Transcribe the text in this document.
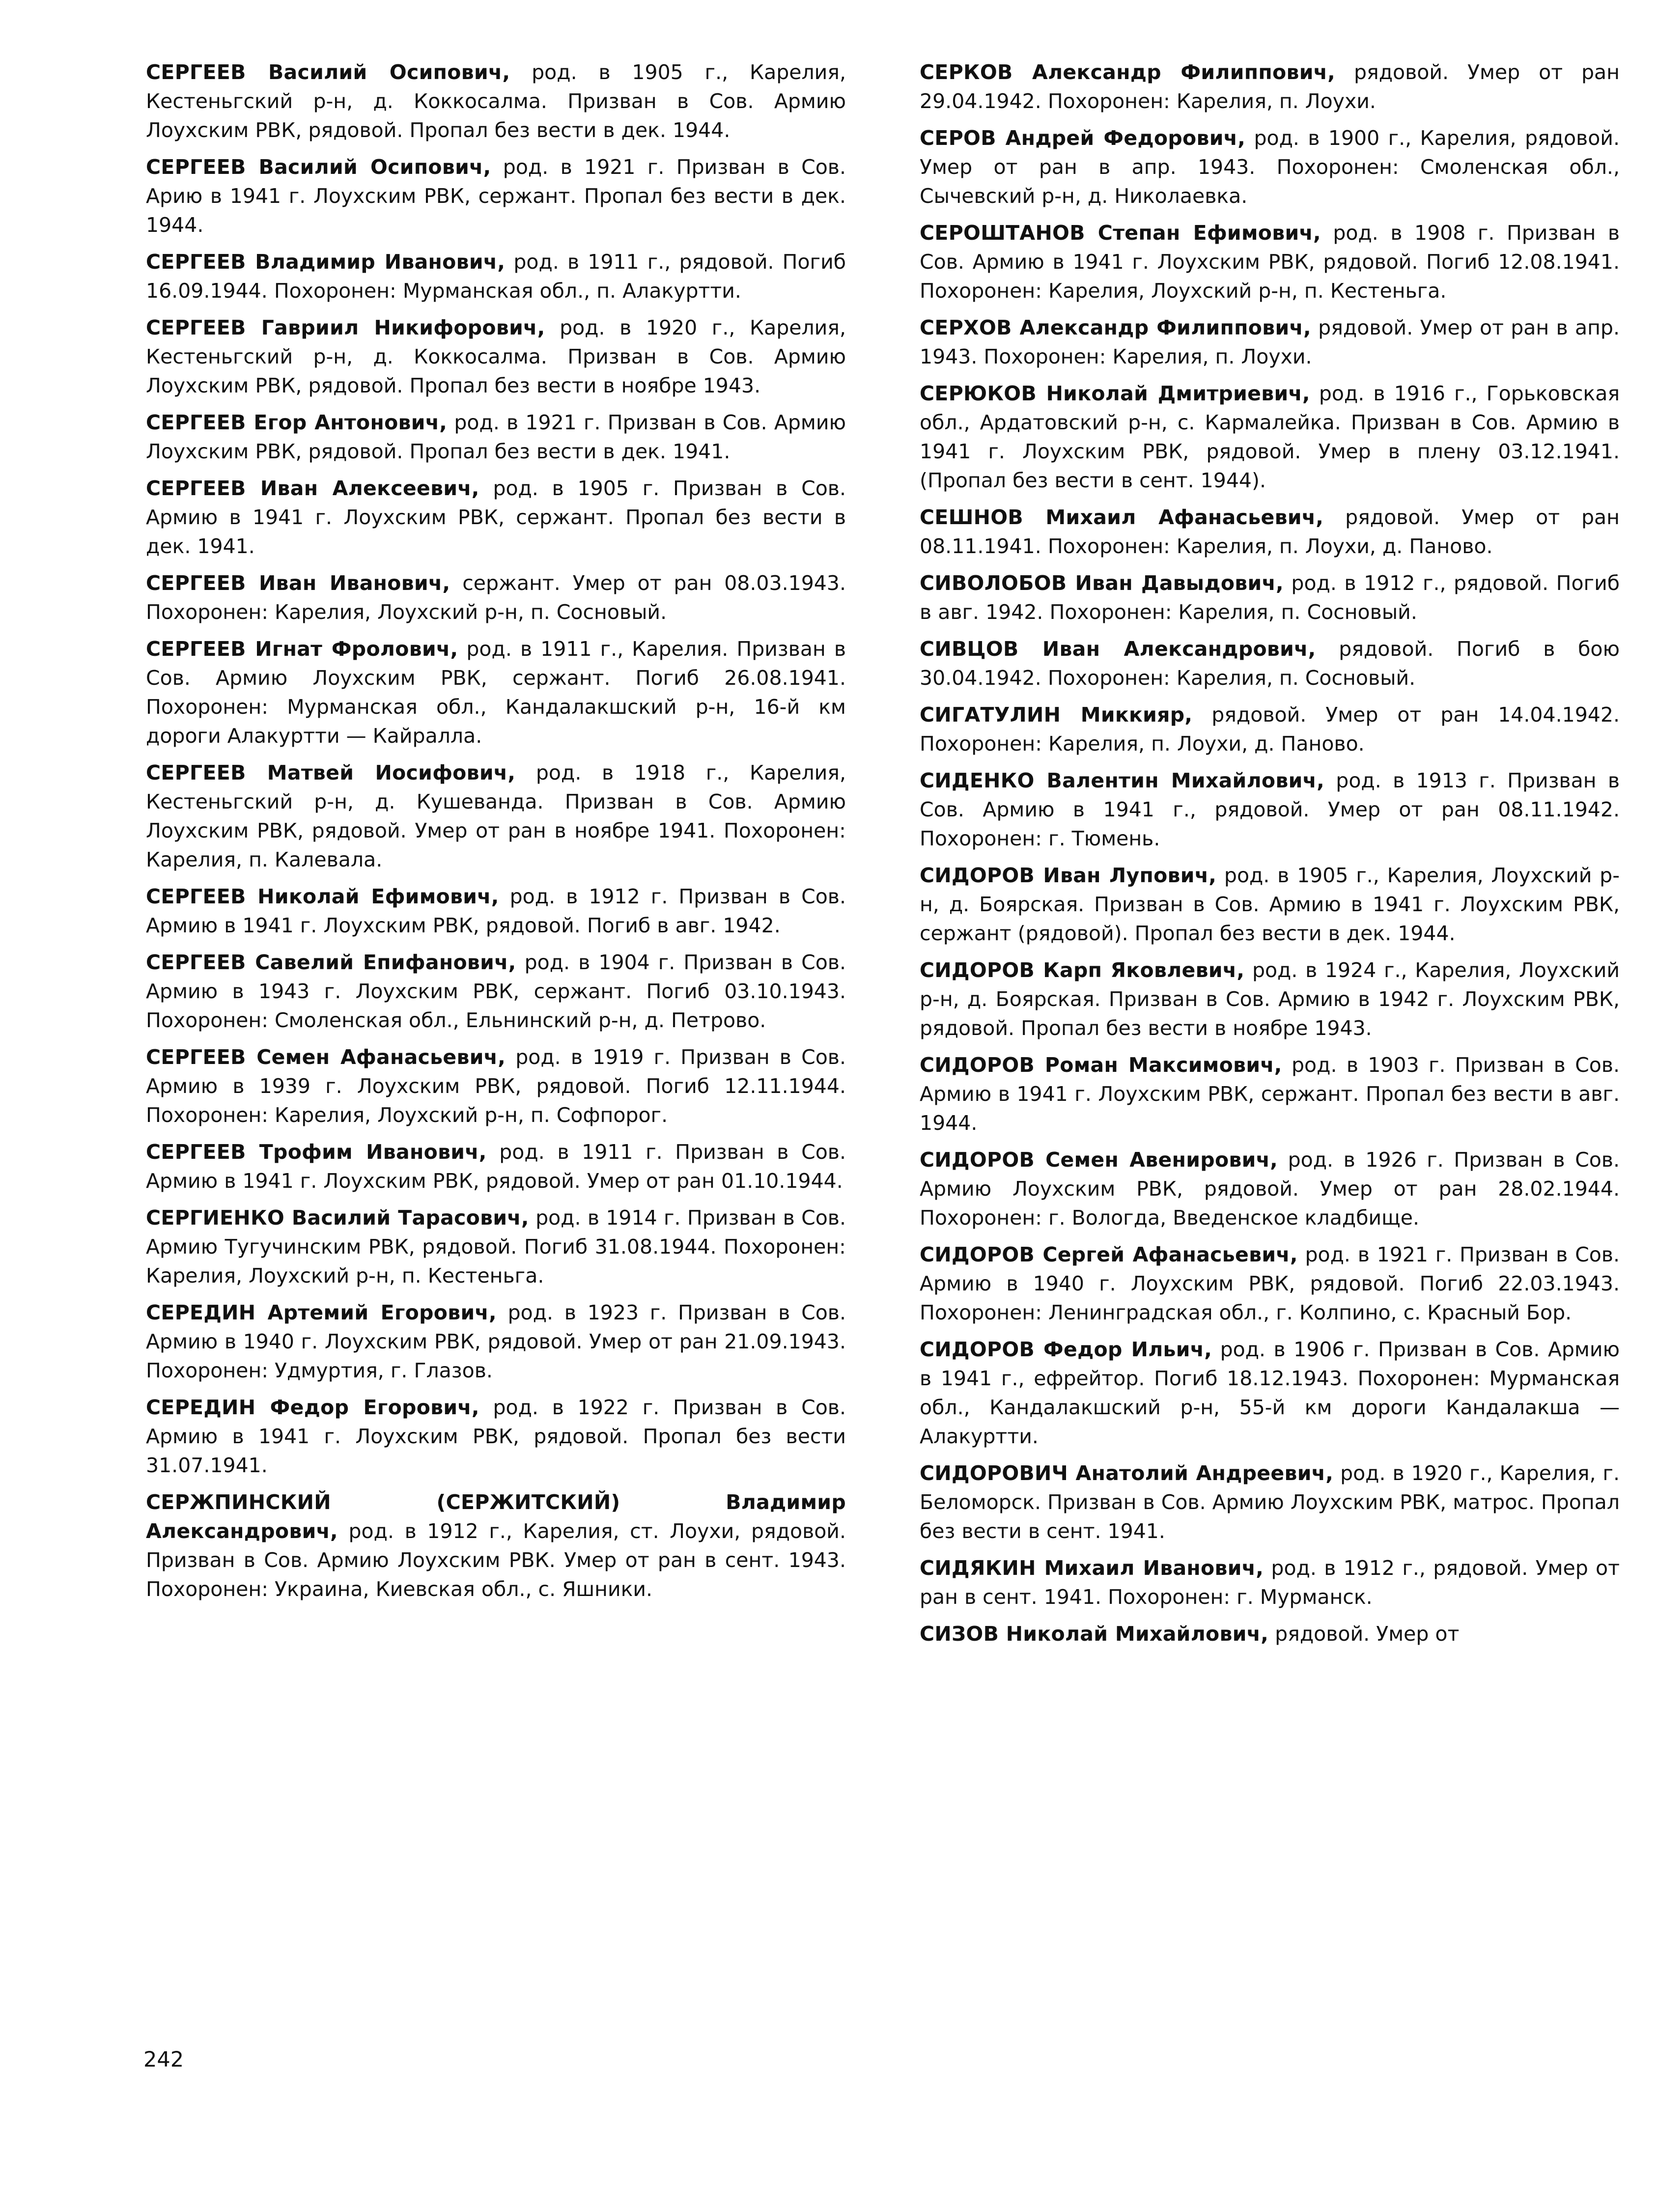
СЕРГЕЕВ Василий Осипович, род. в 1905 г., Карелия, Кестеньгский р-н, д. Коккосалма. Призван в Сов. Армию Лоухским РВК, рядовой. Пропал без вести в дек. 1944.

СЕРГЕЕВ Василий Осипович, род. в 1921 г. Призван в Сов. Арию в 1941 г. Лоухским РВК, сержант. Пропал без вести в дек. 1944.

СЕРГЕЕВ Владимир Иванович, род. в 1911 г., рядовой. Погиб 16.09.1944. Похоронен: Мурманская обл., п. Алакуртти.

СЕРГЕЕВ Гавриил Никифорович, род. в 1920 г., Карелия, Кестеньгский р-н, д. Коккосалма. Призван в Сов. Армию Лоухским РВК, рядовой. Пропал без вести в ноябре 1943.

СЕРГЕЕВ Егор Антонович, род. в 1921 г. Призван в Сов. Армию Лоухским РВК, рядовой. Пропал без вести в дек. 1941.

СЕРГЕЕВ Иван Алексеевич, род. в 1905 г. Призван в Сов. Армию в 1941 г. Лоухским РВК, сержант. Пропал без вести в дек. 1941.

СЕРГЕЕВ Иван Иванович, сержант. Умер от ран 08.03.1943. Похоронен: Карелия, Лоухский р-н, п. Сосновый.

СЕРГЕЕВ Игнат Фролович, род. в 1911 г., Карелия. Призван в Сов. Армию Лоухским РВК, сержант. Погиб 26.08.1941. Похоронен: Мурманская обл., Кандалакшский р-н, 16-й км дороги Алакуртти — Кайралла.

СЕРГЕЕВ Матвей Иосифович, род. в 1918 г., Карелия, Кестеньгский р-н, д. Кушеванда. Призван в Сов. Армию Лоухским РВК, рядовой. Умер от ран в ноябре 1941. Похоронен: Карелия, п. Калевала.

СЕРГЕЕВ Николай Ефимович, род. в 1912 г. Призван в Сов. Армию в 1941 г. Лоухским РВК, рядовой. Погиб в авг. 1942.

СЕРГЕЕВ Савелий Епифанович, род. в 1904 г. Призван в Сов. Армию в 1943 г. Лоухским РВК, сержант. Погиб 03.10.1943. Похоронен: Смоленская обл., Ельнинский р-н, д. Петрово.

СЕРГЕЕВ Семен Афанасьевич, род. в 1919 г. Призван в Сов. Армию в 1939 г. Лоухским РВК, рядовой. Погиб 12.11.1944. Похоронен: Карелия, Лоухский р-н, п. Софпорог.

СЕРГЕЕВ Трофим Иванович, род. в 1911 г. Призван в Сов. Армию в 1941 г. Лоухским РВК, рядовой. Умер от ран 01.10.1944.

СЕРГИЕНКО Василий Тарасович, род. в 1914 г. Призван в Сов. Армию Тугучинским РВК, рядовой. Погиб 31.08.1944. Похоронен: Карелия, Лоухский р-н, п. Кестеньга.

СЕРЕДИН Артемий Егорович, род. в 1923 г. Призван в Сов. Армию в 1940 г. Лоухским РВК, рядовой. Умер от ран 21.09.1943. Похоронен: Удмуртия, г. Глазов.

СЕРЕДИН Федор Егорович, род. в 1922 г. Призван в Сов. Армию в 1941 г. Лоухским РВК, рядовой. Пропал без вести 31.07.1941.

СЕРЖПИНСКИЙ (СЕРЖИТСКИЙ) Владимир Александрович, род. в 1912 г., Карелия, ст. Лоухи, рядовой. Призван в Сов. Армию Лоухским РВК. Умер от ран в сент. 1943. Похоронен: Украина, Киевская обл., с. Яшники.

СЕРКОВ Александр Филиппович, рядовой. Умер от ран 29.04.1942. Похоронен: Карелия, п. Лоухи.

СЕРОВ Андрей Федорович, род. в 1900 г., Карелия, рядовой. Умер от ран в апр. 1943. Похоронен: Смоленская обл., Сычевский р-н, д. Николаевка.

СЕРОШТАНОВ Степан Ефимович, род. в 1908 г. Призван в Сов. Армию в 1941 г. Лоухским РВК, рядовой. Погиб 12.08.1941. Похоронен: Карелия, Лоухский р-н, п. Кестеньга.

СЕРХОВ Александр Филиппович, рядовой. Умер от ран в апр. 1943. Похоронен: Карелия, п. Лоухи.

СЕРЮКОВ Николай Дмитриевич, род. в 1916 г., Горьковская обл., Ардатовский р-н, с. Кармалейка. Призван в Сов. Армию в 1941 г. Лоухским РВК, рядовой. Умер в плену 03.12.1941. (Пропал без вести в сент. 1944).

СЕШНОВ Михаил Афанасьевич, рядовой. Умер от ран 08.11.1941. Похоронен: Карелия, п. Лоухи, д. Паново.

СИВОЛОБОВ Иван Давыдович, род. в 1912 г., рядовой. Погиб в авг. 1942. Похоронен: Карелия, п. Сосновый.

СИВЦОВ Иван Александрович, рядовой. Погиб в бою 30.04.1942. Похоронен: Карелия, п. Сосновый.

СИГАТУЛИН Миккияр, рядовой. Умер от ран 14.04.1942. Похоронен: Карелия, п. Лоухи, д. Паново.

СИДЕНКО Валентин Михайлович, род. в 1913 г. Призван в Сов. Армию в 1941 г., рядовой. Умер от ран 08.11.1942. Похоронен: г. Тюмень.

СИДОРОВ Иван Лупович, род. в 1905 г., Карелия, Лоухский р-н, д. Боярская. Призван в Сов. Армию в 1941 г. Лоухским РВК, сержант (рядовой). Пропал без вести в дек. 1944.

СИДОРОВ Карп Яковлевич, род. в 1924 г., Карелия, Лоухский р-н, д. Боярская. Призван в Сов. Армию в 1942 г. Лоухским РВК, рядовой. Пропал без вести в ноябре 1943.

СИДОРОВ Роман Максимович, род. в 1903 г. Призван в Сов. Армию в 1941 г. Лоухским РВК, сержант. Пропал без вести в авг. 1944.

СИДОРОВ Семен Авенирович, род. в 1926 г. Призван в Сов. Армию Лоухским РВК, рядовой. Умер от ран 28.02.1944. Похоронен: г. Вологда, Введенское кладбище.

СИДОРОВ Сергей Афанасьевич, род. в 1921 г. Призван в Сов. Армию в 1940 г. Лоухским РВК, рядовой. Погиб 22.03.1943. Похоронен: Ленинградская обл., г. Колпино, с. Красный Бор.

СИДОРОВ Федор Ильич, род. в 1906 г. Призван в Сов. Армию в 1941 г., ефрейтор. Погиб 18.12.1943. Похоронен: Мурманская обл., Кандалакшский р-н, 55-й км дороги Кандалакша — Алакуртти.

СИДОРОВИЧ Анатолий Андреевич, род. в 1920 г., Карелия, г. Беломорск. Призван в Сов. Армию Лоухским РВК, матрос. Пропал без вести в сент. 1941.

СИДЯКИН Михаил Иванович, род. в 1912 г., рядовой. Умер от ран в сент. 1941. Похоронен: г. Мурманск.

СИЗОВ Николай Михайлович, рядовой. Умер от

242
